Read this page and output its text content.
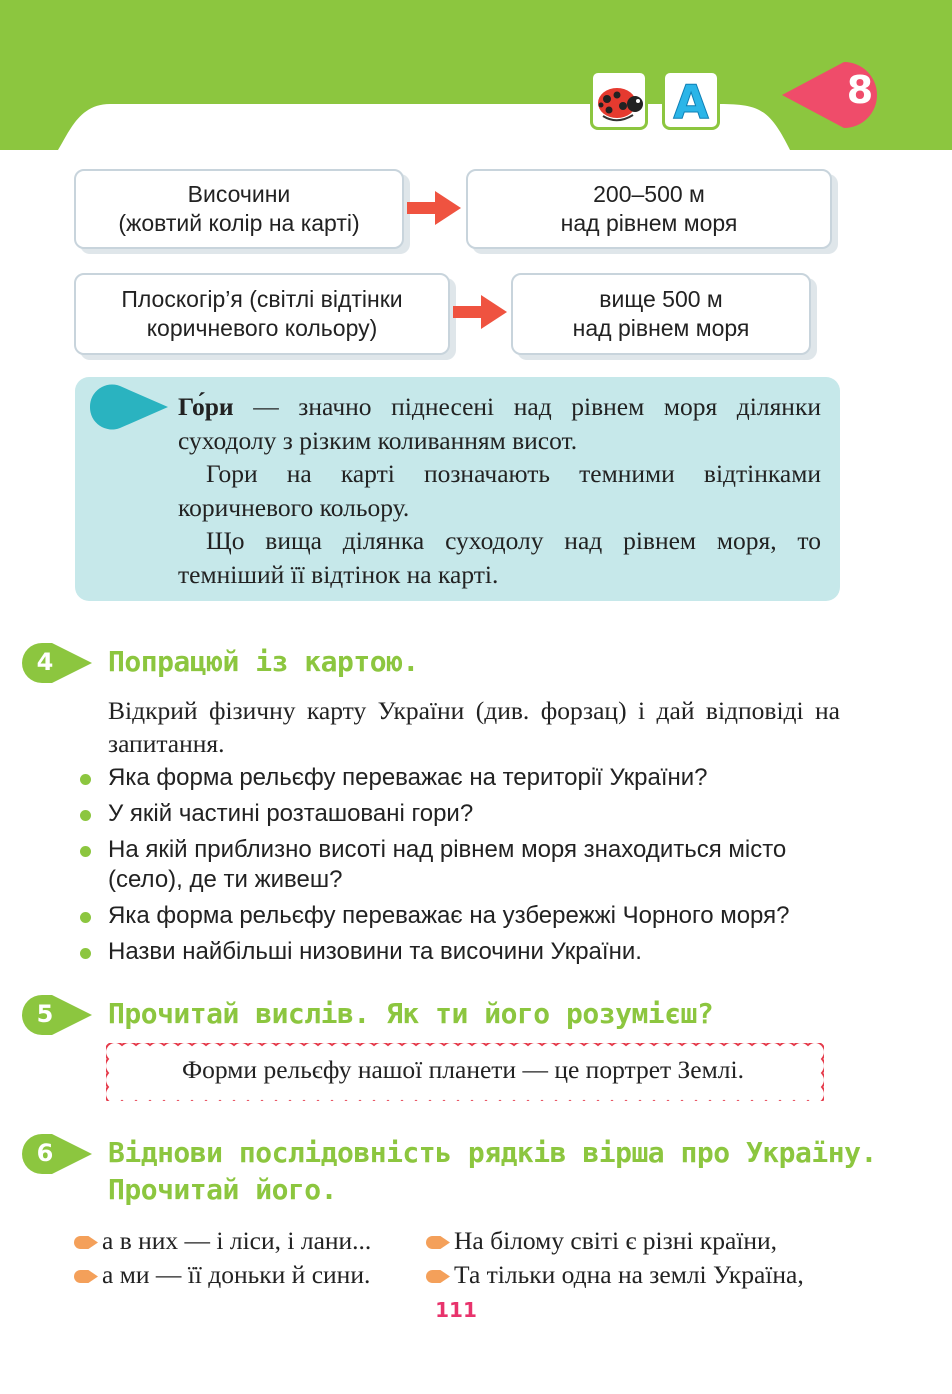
A	8
Височини
(жовтий колір на карті)
200–500 м
над рівнем моря
Плоскогір’я (світлі відтінки
коричневого кольору)
вище 500 м
над рівнем моря

Го́ри — значно піднесені над рівнем моря ділянки суходолу з різким коливанням висот.

Гори на карті позначають темними відтінками коричневого кольору.

Що вища ділянка суходолу над рівнем моря, то темніший її відтінок на карті.

4	Попрацюй із картою.
Відкрий фізичну карту України (див. форзац) і дай відповіді на запитання.
Яка форма рельєфу переважає на території України?
У якій частині розташовані гори?
На якій приблизно висоті над рівнем моря знаходиться місто (село), де ти живеш?
Яка форма рельєфу переважає на узбережжі Чорного моря?
Назви найбільші низовини та височини України.
5	Прочитай вислів. Як ти його розумієш?
Форми рельєфу нашої планети — це портрет Землі.
6	Віднови послідовність рядків вірша про Україну.
Прочитай його.
а в них — і ліси, і лани...
а ми — її доньки й сини.
На білому світі є різні країни,
Та тільки одна на землі Україна,
111
